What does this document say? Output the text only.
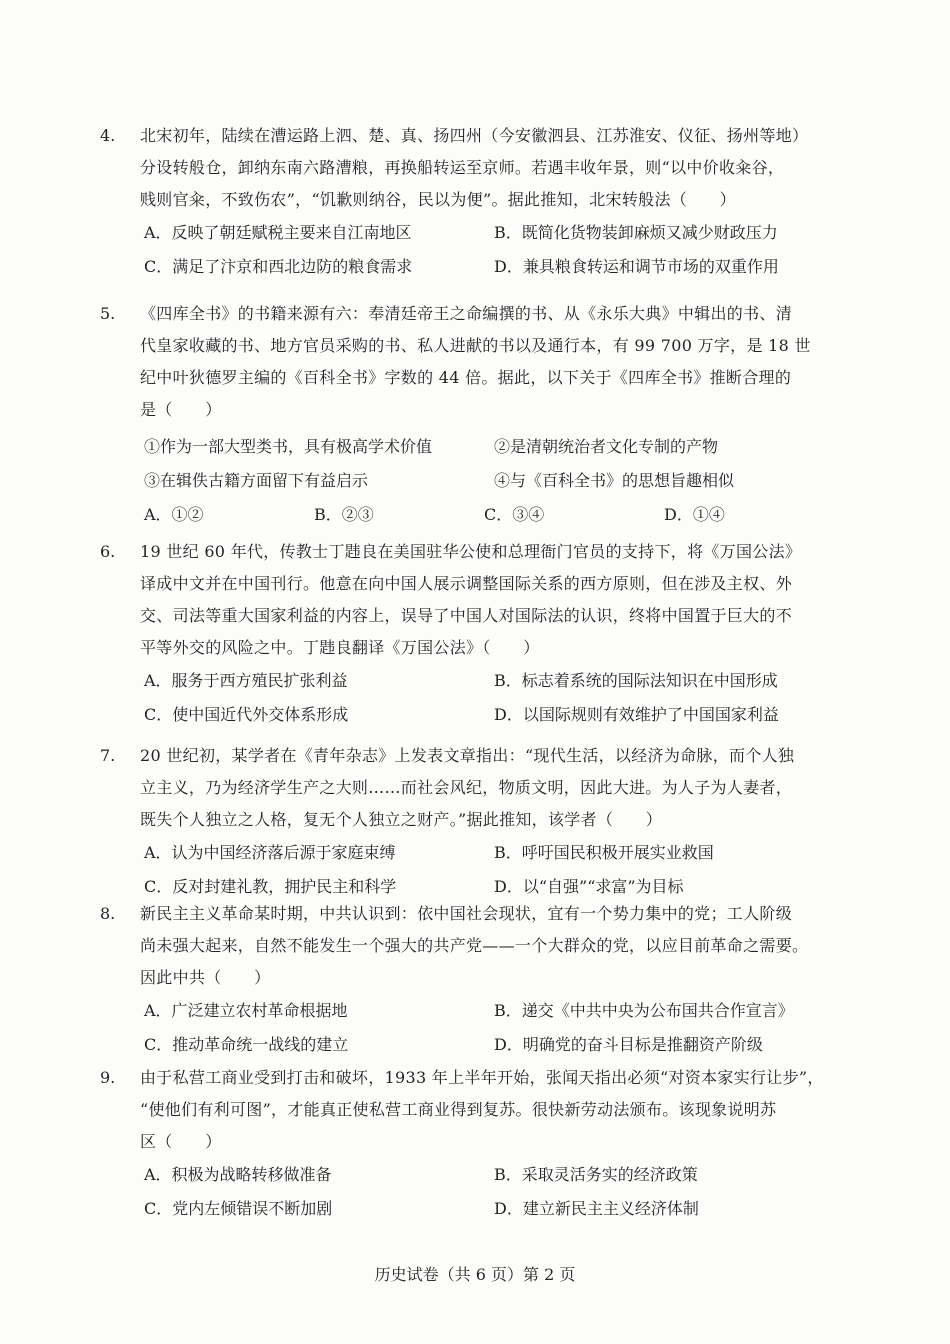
4.	北宋初年，陆续在漕运路上泗、楚、真、扬四州（今安徽泗县、江苏淮安、仪征、扬州等地）
分设转般仓，卸纳东南六路漕粮，再换船转运至京师。若遇丰收年景，则“以中价收籴谷，
贱则官籴，不致伤农”，“饥歉则纳谷，民以为便”。据此推知，北宋转般法（　　）
A．反映了朝廷赋税主要来自江南地区	B．既简化货物装卸麻烦又减少财政压力
C．满足了汴京和西北边防的粮食需求	D．兼具粮食转运和调节市场的双重作用
5.	《四库全书》的书籍来源有六：奉清廷帝王之命编撰的书、从《永乐大典》中辑出的书、清
代皇家收藏的书、地方官员采购的书、私人进献的书以及通行本，有 99 700 万字，是 18 世
纪中叶狄德罗主编的《百科全书》字数的 44 倍。据此，以下关于《四库全书》推断合理的
是（　　）
①作为一部大型类书，具有极高学术价值	②是清朝统治者文化专制的产物
③在辑佚古籍方面留下有益启示	④与《百科全书》的思想旨趣相似
A．①②	B．②③	C．③④	D．①④
6.	19 世纪 60 年代，传教士丁韪良在美国驻华公使和总理衙门官员的支持下，将《万国公法》
译成中文并在中国刊行。他意在向中国人展示调整国际关系的西方原则，但在涉及主权、外
交、司法等重大国家利益的内容上，误导了中国人对国际法的认识，终将中国置于巨大的不
平等外交的风险之中。丁韪良翻译《万国公法》（　　）
A．服务于西方殖民扩张利益	B．标志着系统的国际法知识在中国形成
C．使中国近代外交体系形成	D．以国际规则有效维护了中国国家利益
7.	20 世纪初，某学者在《青年杂志》上发表文章指出：“现代生活，以经济为命脉，而个人独
立主义，乃为经济学生产之大则……而社会风纪，物质文明，因此大进。为人子为人妻者，
既失个人独立之人格，复无个人独立之财产。”据此推知，该学者（　　）
A．认为中国经济落后源于家庭束缚	B．呼吁国民积极开展实业救国
C．反对封建礼教，拥护民主和科学	D．以“自强”“求富”为目标
8.	新民主主义革命某时期，中共认识到：依中国社会现状，宜有一个势力集中的党；工人阶级
尚未强大起来，自然不能发生一个强大的共产党——一个大群众的党，以应目前革命之需要。
因此中共（　　）
A．广泛建立农村革命根据地	B．递交《中共中央为公布国共合作宣言》
C．推动革命统一战线的建立	D．明确党的奋斗目标是推翻资产阶级
9.	由于私营工商业受到打击和破坏，1933 年上半年开始，张闻天指出必须“对资本家实行让步”，
“使他们有利可图”，才能真正使私营工商业得到复苏。很快新劳动法颁布。该现象说明苏
区（　　）
A．积极为战略转移做准备	B．采取灵活务实的经济政策
C．党内左倾错误不断加剧	D．建立新民主主义经济体制
历史试卷（共 6 页）第 2 页
